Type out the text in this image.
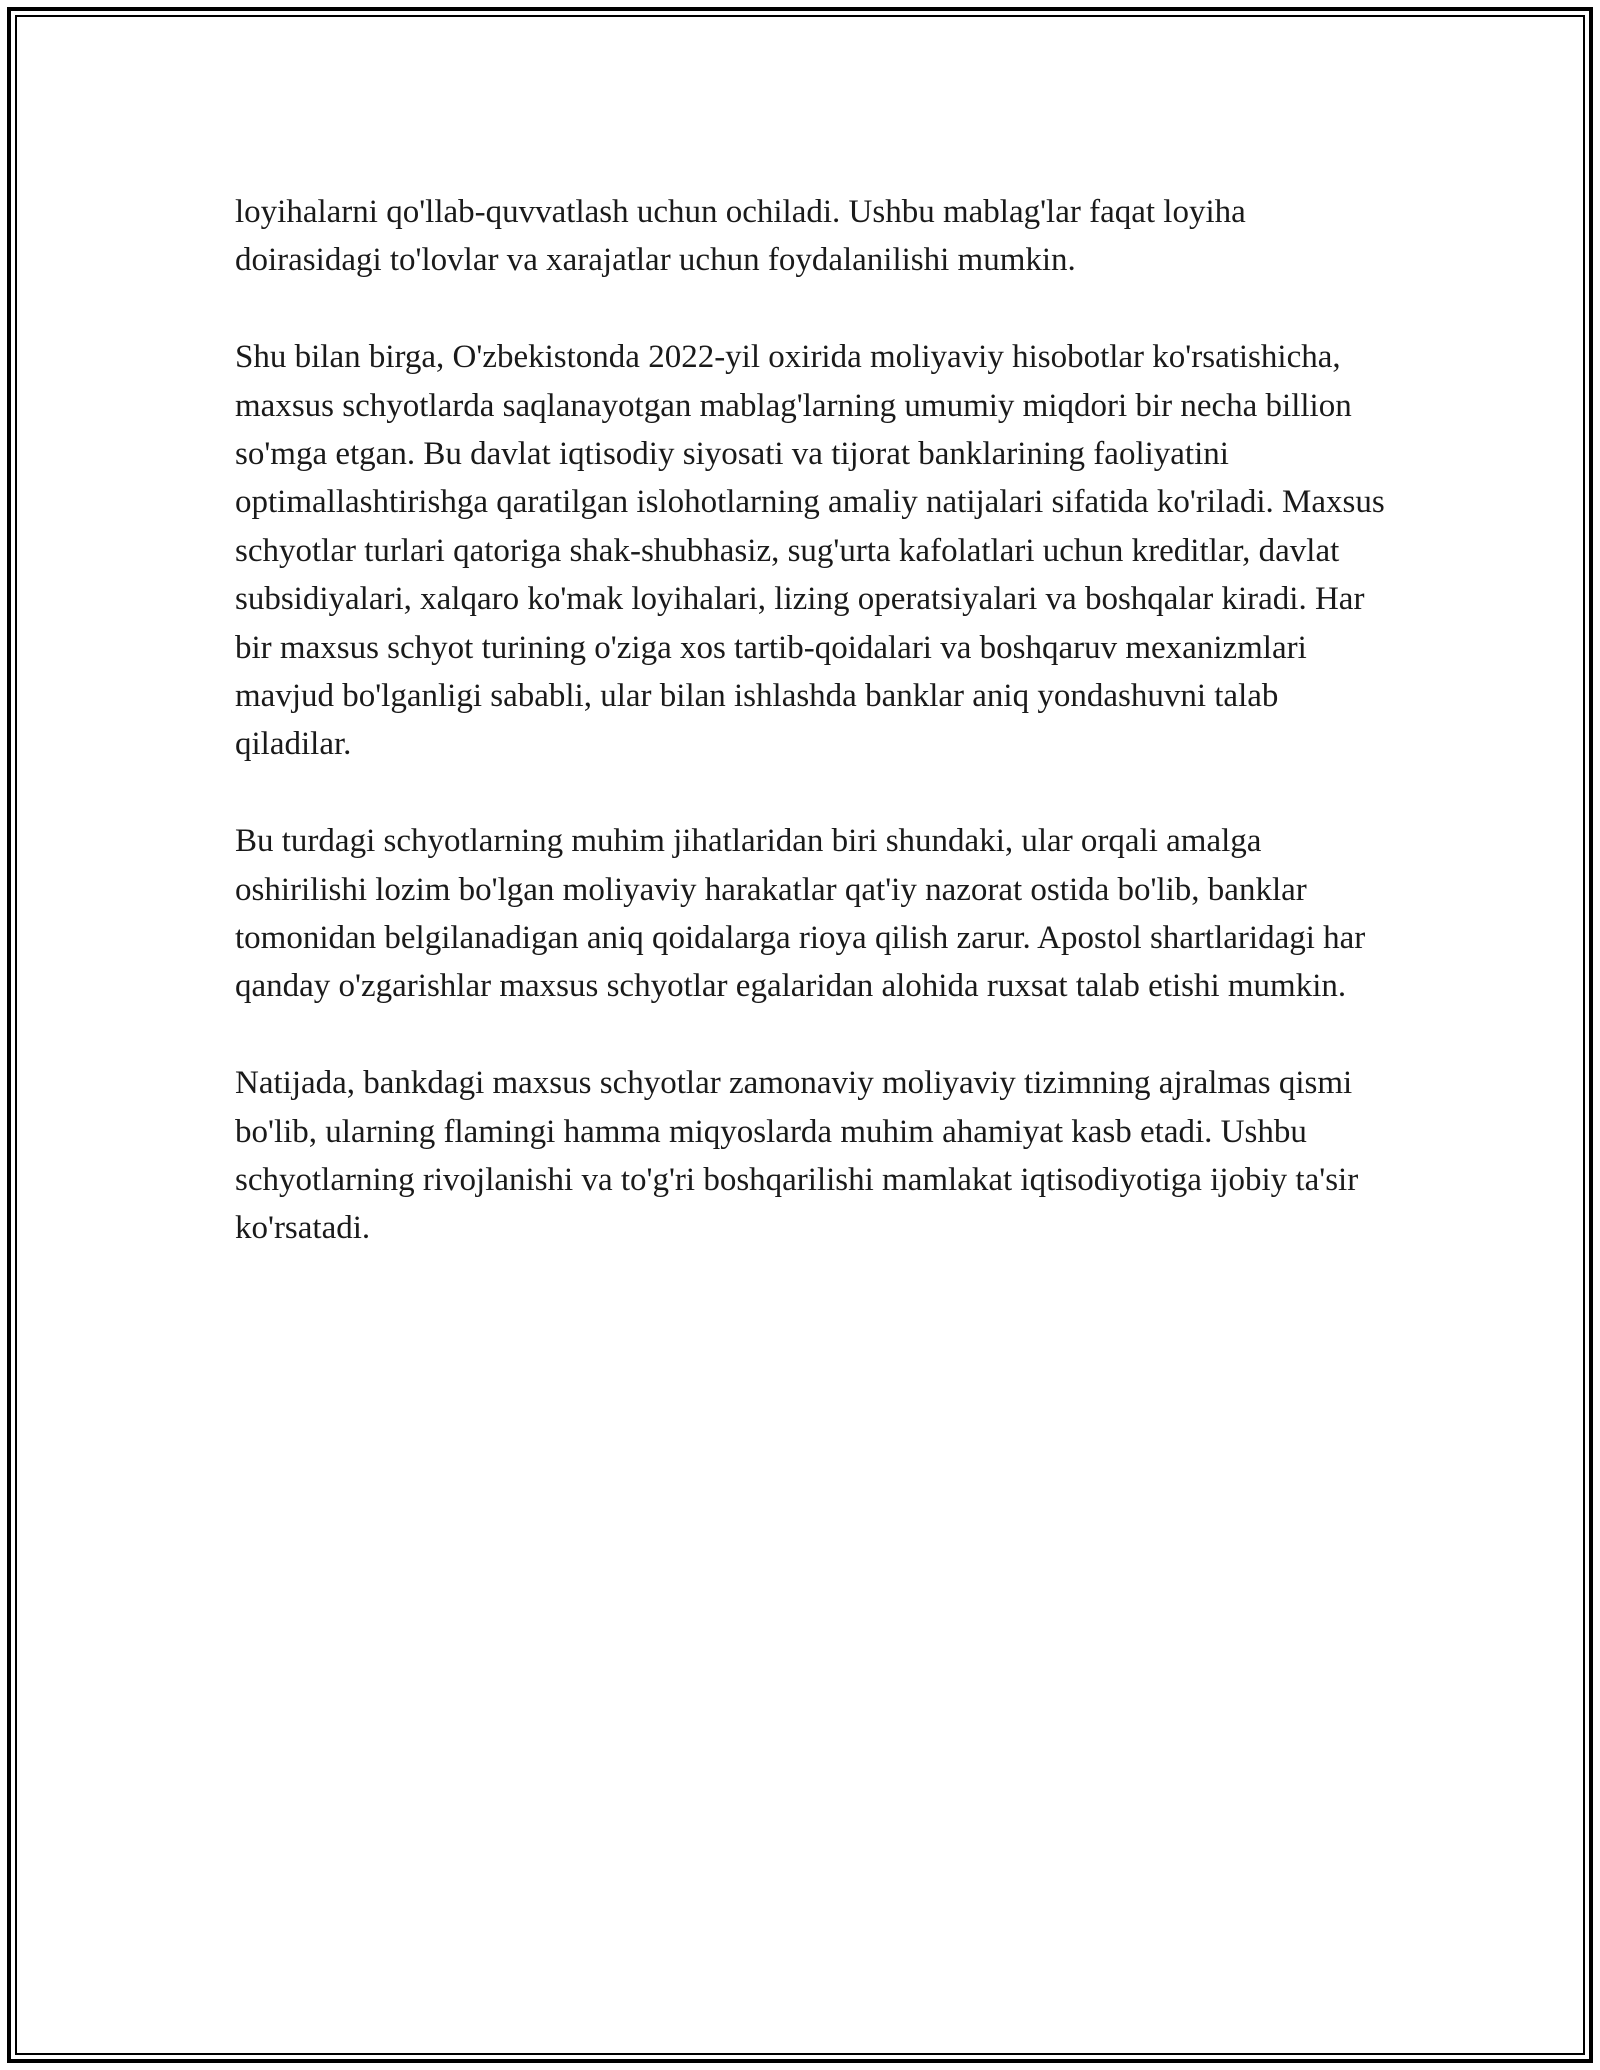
loyihalarni qo'llab-quvvatlash uchun ochiladi. Ushbu mablag'lar faqat loyiha doirasidagi to'lovlar va xarajatlar uchun foydalanilishi mumkin.

Shu bilan birga, O'zbekistonda 2022-yil oxirida moliyaviy hisobotlar ko'rsatishicha, maxsus schyotlarda saqlanayotgan mablag'larning umumiy miqdori bir necha billion so'mga etgan. Bu davlat iqtisodiy siyosati va tijorat banklarining faoliyatini optimallashtirishga qaratilgan islohotlarning amaliy natijalari sifatida ko'riladi. Maxsus schyotlar turlari qatoriga shak-shubhasiz, sug'urta kafolatlari uchun kreditlar, davlat subsidiyalari, xalqaro ko'mak loyihalari, lizing operatsiyalari va boshqalar kiradi. Har bir maxsus schyot turining o'ziga xos tartib-qoidalari va boshqaruv mexanizmlari mavjud bo'lganligi sababli, ular bilan ishlashda banklar aniq yondashuvni talab qiladilar.

Bu turdagi schyotlarning muhim jihatlaridan biri shundaki, ular orqali amalga oshirilishi lozim bo'lgan moliyaviy harakatlar qat'iy nazorat ostida bo'lib, banklar tomonidan belgilanadigan aniq qoidalarga rioya qilish zarur. Apostol shartlaridagi har qanday o'zgarishlar maxsus schyotlar egalaridan alohida ruxsat talab etishi mumkin.

Natijada, bankdagi maxsus schyotlar zamonaviy moliyaviy tizimning ajralmas qismi bo'lib, ularning flamingi hamma miqyoslarda muhim ahamiyat kasb etadi. Ushbu schyotlarning rivojlanishi va to'g'ri boshqarilishi mamlakat iqtisodiyotiga ijobiy ta'sir ko'rsatadi.
